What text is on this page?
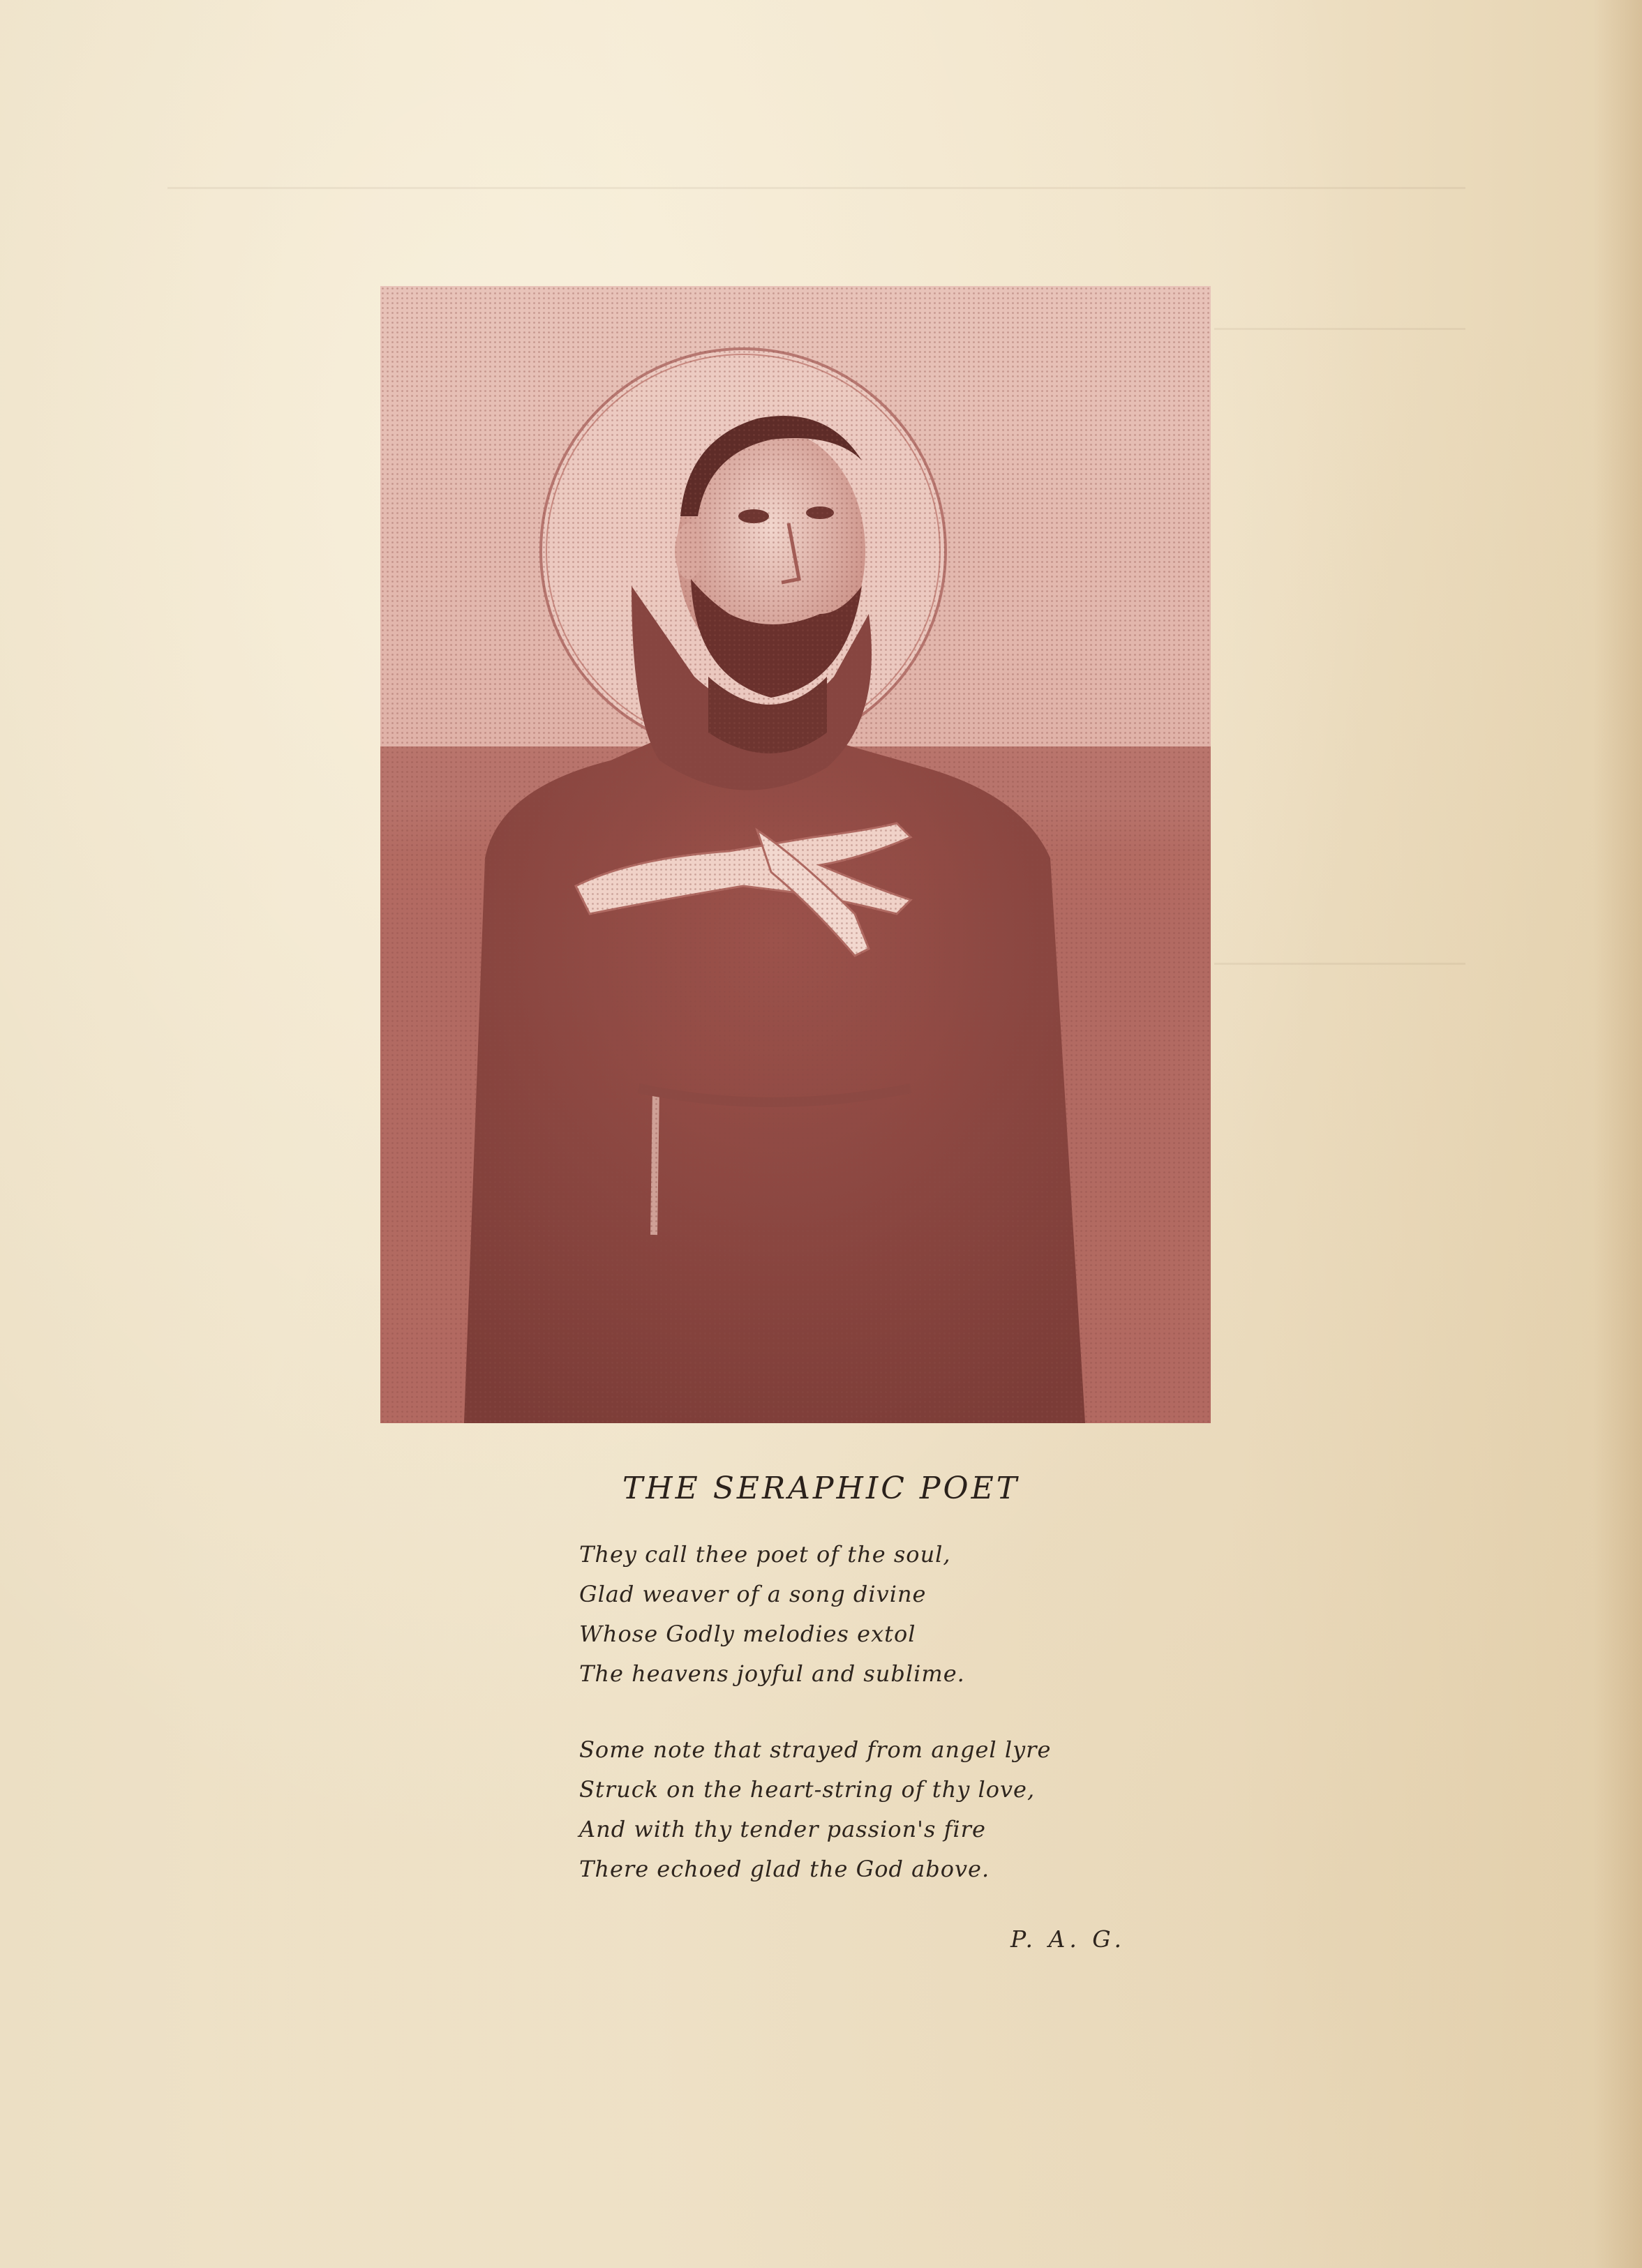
THE SERAPHIC POET
They call thee poet of the soul,
Glad weaver of a song divine
Whose Godly melodies extol
The heavens joyful and sublime.
Some note that strayed from angel lyre
Struck on the heart-string of thy love,
And with thy tender passion's fire
There echoed glad the God above.
P. A. G.
